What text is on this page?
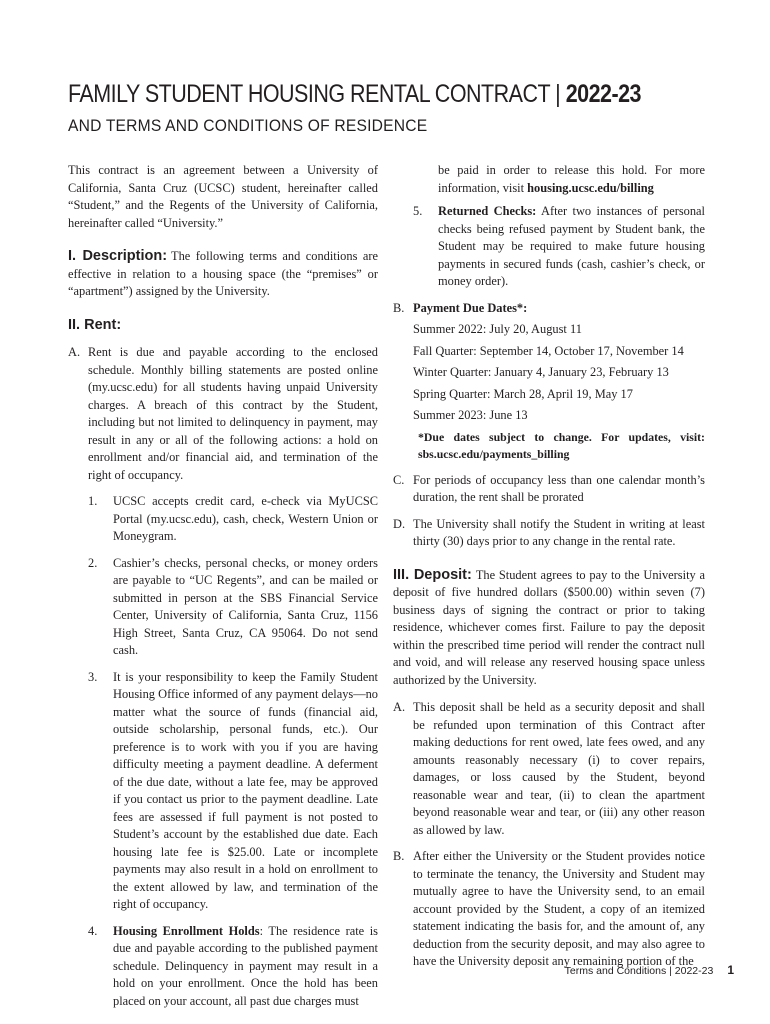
FAMILY STUDENT HOUSING RENTAL CONTRACT | 2022-23
AND TERMS AND CONDITIONS OF RESIDENCE

This contract is an agreement between a University of California, Santa Cruz (UCSC) student, hereinafter called “Student,” and the Regents of the University of California, hereinafter called “University.”

I. Description: The following terms and conditions are effective in relation to a housing space (the “premises” or “apartment”) assigned by the University.

II. Rent:
A. Rent is due and payable according to the enclosed schedule. Monthly billing statements are posted online (my.ucsc.edu) for all students having unpaid University charges. A breach of this contract by the Student, including but not limited to delinquency in payment, may result in any or all of the following actions: a hold on enrollment and/or financial aid, and termination of the right of occupancy.
1.	UCSC accepts credit card, e-check via MyUCSC Portal (my.ucsc.edu), cash, check, Western Union or Moneygram.
2.	Cashier’s checks, personal checks, or money orders are payable to “UC Regents”, and can be mailed or submitted in person at the SBS Financial Service Center, University of California, Santa Cruz, 1156 High Street, Santa Cruz, CA 95064. Do not send cash.
3.	It is your responsibility to keep the Family Student Housing Office informed of any payment delays—no matter what the source of funds (financial aid, outside scholarship, personal funds, etc.). Our preference is to work with you if you are having difficulty meeting a payment deadline. A deferment of the due date, without a late fee, may be approved if you contact us prior to the payment deadline. Late fees are assessed if full payment is not posted to Student’s account by the established due date. Each housing late fee is $25.00. Late or incomplete payments may also result in a hold on enrollment to the extent allowed by law, and termination of the right of occupancy.
4.	Housing Enrollment Holds: The residence rate is due and payable according to the published payment schedule. Delinquency in payment may result in a hold on your enrollment. Once the hold has been placed on your account, all past due charges must
be paid in order to release this hold. For more information, visit housing.ucsc.edu/billing
5.	Returned Checks: After two instances of personal checks being refused payment by Student bank, the Student may be required to make future housing payments in secured funds (cash, cashier’s check, or money order).
B. Payment Due Dates*:
Summer 2022: July 20, August 11
Fall Quarter: September 14, October 17, November 14
Winter Quarter: January 4, January 23, February 13
Spring Quarter: March 28, April 19, May 17
Summer 2023: June 13
*Due dates subject to change. For updates, visit: sbs.ucsc.edu/payments_billing
C. For periods of occupancy less than one calendar month’s duration, the rent shall be prorated
D. The University shall notify the Student in writing at least thirty (30) days prior to any change in the rental rate.

III. Deposit: The Student agrees to pay to the University a deposit of five hundred dollars ($500.00) within seven (7) business days of signing the contract or prior to taking residence, whichever comes first. Failure to pay the deposit within the prescribed time period will render the contract null and void, and will release any reserved housing space unless authorized by the University.

A. This deposit shall be held as a security deposit and shall be refunded upon termination of this Contract after making deductions for rent owed, late fees owed, and any amounts reasonably necessary (i) to cover repairs, damages, or loss caused by the Student, beyond reasonable wear and tear, (ii) to clean the apartment beyond reasonable wear and tear, or (iii) any other reason as allowed by law.
B. After either the University or the Student provides notice to terminate the tenancy, the University and Student may mutually agree to have the University send, to an email account provided by the Student, a copy of an itemized statement indicating the basis for, and the amount of, any deduction from the security deposit, and may also agree to have the University deposit any remaining portion of the
Terms and Conditions | 2022-23 1
